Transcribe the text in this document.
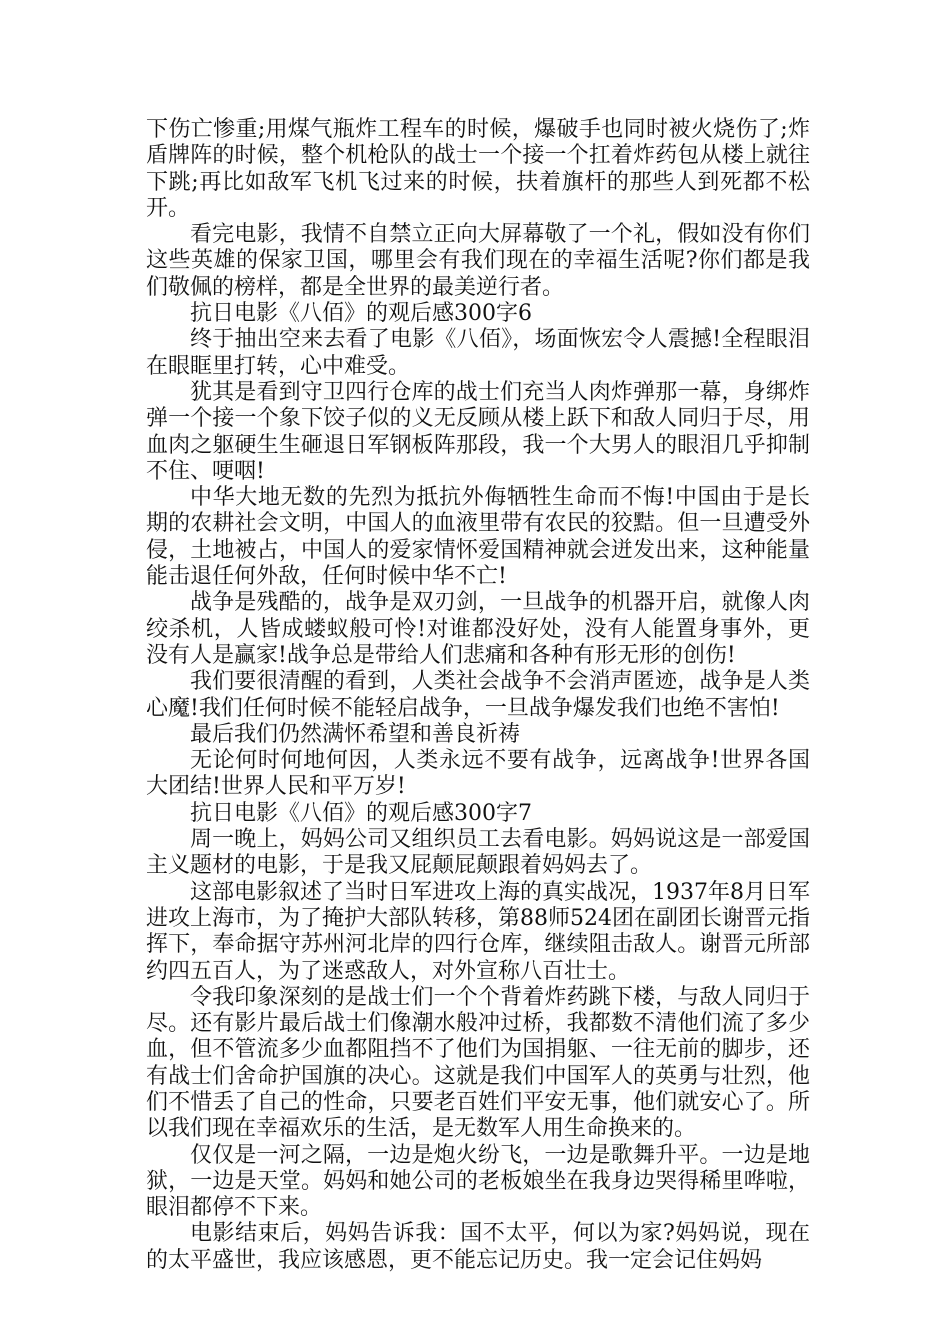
下伤亡惨重;用煤气瓶炸工程车的时候，爆破手也同时被火烧伤了;炸盾牌阵的时候，整个机枪队的战士一个接一个扛着炸药包从楼上就往下跳;再比如敌军飞机飞过来的时候，扶着旗杆的那些人到死都不松开。

看完电影，我情不自禁立正向大屏幕敬了一个礼，假如没有你们这些英雄的保家卫国，哪里会有我们现在的幸福生活呢?你们都是我们敬佩的榜样，都是全世界的最美逆行者。

抗日电影《八佰》的观后感300字6

终于抽出空来去看了电影《八佰》，场面恢宏令人震撼!全程眼泪在眼眶里打转，心中难受。

犹其是看到守卫四行仓库的战士们充当人肉炸弹那一幕，身绑炸弹一个接一个象下饺子似的义无反顾从楼上跃下和敌人同归于尽，用血肉之躯硬生生砸退日军钢板阵那段，我一个大男人的眼泪几乎抑制不住、哽咽!

中华大地无数的先烈为抵抗外侮牺牲生命而不悔!中国由于是长期的农耕社会文明，中国人的血液里带有农民的狡黠。但一旦遭受外侵，土地被占，中国人的爱家情怀爱国精神就会迸发出来，这种能量能击退任何外敌，任何时候中华不亡!

战争是残酷的，战争是双刃剑，一旦战争的机器开启，就像人肉绞杀机，人皆成蝼蚁般可怜!对谁都没好处，没有人能置身事外，更没有人是赢家!战争总是带给人们悲痛和各种有形无形的创伤!

我们要很清醒的看到，人类社会战争不会消声匿迹，战争是人类心魔!我们任何时候不能轻启战争，一旦战争爆发我们也绝不害怕!

最后我们仍然满怀希望和善良祈祷

无论何时何地何因，人类永远不要有战争，远离战争!世界各国大团结!世界人民和平万岁!

抗日电影《八佰》的观后感300字7

周一晚上，妈妈公司又组织员工去看电影。妈妈说这是一部爱国主义题材的电影，于是我又屁颠屁颠跟着妈妈去了。

这部电影叙述了当时日军进攻上海的真实战况，1937年8月日军进攻上海市，为了掩护大部队转移，第88师524团在副团长谢晋元指挥下，奉命据守苏州河北岸的四行仓库，继续阻击敌人。谢晋元所部约四五百人，为了迷惑敌人，对外宣称八百壮士。

令我印象深刻的是战士们一个个背着炸药跳下楼，与敌人同归于尽。还有影片最后战士们像潮水般冲过桥，我都数不清他们流了多少血，但不管流多少血都阻挡不了他们为国捐躯、一往无前的脚步，还有战士们舍命护国旗的决心。这就是我们中国军人的英勇与壮烈，他们不惜丢了自己的性命，只要老百姓们平安无事，他们就安心了。所以我们现在幸福欢乐的生活，是无数军人用生命换来的。

仅仅是一河之隔，一边是炮火纷飞，一边是歌舞升平。一边是地狱，一边是天堂。妈妈和她公司的老板娘坐在我身边哭得稀里哗啦，眼泪都停不下来。

电影结束后，妈妈告诉我：国不太平，何以为家?妈妈说，现在的太平盛世，我应该感恩，更不能忘记历史。我一定会记住妈妈
